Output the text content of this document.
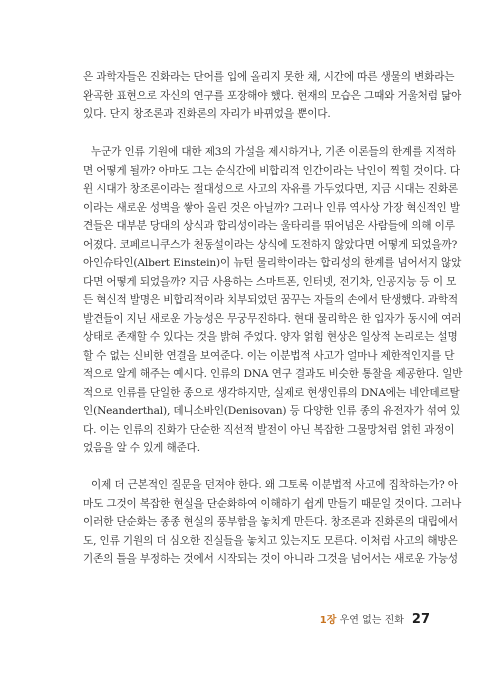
은 과학자들은 진화라는 단어를 입에 올리지 못한 채, 시간에 따른 생물의 변화라는
완곡한 표현으로 자신의 연구를 포장해야 했다. 현재의 모습은 그때와 거울처럼 닮아
있다. 단지 창조론과 진화론의 자리가 바뀌었을 뿐이다.
누군가 인류 기원에 대한 제3의 가설을 제시하거나, 기존 이론들의 한계를 지적하
면 어떻게 될까? 아마도 그는 순식간에 비합리적 인간이라는 낙인이 찍힐 것이다. 다
윈 시대가 창조론이라는 절대성으로 사고의 자유를 가두었다면, 지금 시대는 진화론
이라는 새로운 성벽을 쌓아 올린 것은 아닐까? 그러나 인류 역사상 가장 혁신적인 발
견들은 대부분 당대의 상식과 합리성이라는 울타리를 뛰어넘은 사람들에 의해 이루
어졌다. 코페르니쿠스가 천동설이라는 상식에 도전하지 않았다면 어떻게 되었을까?
아인슈타인(Albert Einstein)이 뉴턴 물리학이라는 합리성의 한계를 넘어서지 않았
다면 어떻게 되었을까? 지금 사용하는 스마트폰, 인터넷, 전기차, 인공지능 등 이 모
든 혁신적 발명은 비합리적이라 치부되었던 꿈꾸는 자들의 손에서 탄생했다. 과학적
발견들이 지닌 새로운 가능성은 무궁무진하다. 현대 물리학은 한 입자가 동시에 여러
상태로 존재할 수 있다는 것을 밝혀 주었다. 양자 얽힘 현상은 일상적 논리로는 설명
할 수 없는 신비한 연결을 보여준다. 이는 이분법적 사고가 얼마나 제한적인지를 단
적으로 알게 해주는 예시다. 인류의 DNA 연구 결과도 비슷한 통찰을 제공한다. 일반
적으로 인류를 단일한 종으로 생각하지만, 실제로 현생인류의 DNA에는 네안데르탈
인(Neanderthal), 데니소바인(Denisovan) 등 다양한 인류 종의 유전자가 섞여 있
다. 이는 인류의 진화가 단순한 직선적 발전이 아닌 복잡한 그물망처럼 얽힌 과정이
었음을 알 수 있게 해준다.
이제 더 근본적인 질문을 던져야 한다. 왜 그토록 이분법적 사고에 집착하는가? 아
마도 그것이 복잡한 현실을 단순화하여 이해하기 쉽게 만들기 때문일 것이다. 그러나
이러한 단순화는 종종 현실의 풍부함을 놓치게 만든다. 창조론과 진화론의 대립에서
도, 인류 기원의 더 심오한 진실들을 놓치고 있는지도 모른다. 이처럼 사고의 해방은
기존의 틀을 부정하는 것에서 시작되는 것이 아니라 그것을 넘어서는 새로운 가능성
1장 우연 없는 진화 27
